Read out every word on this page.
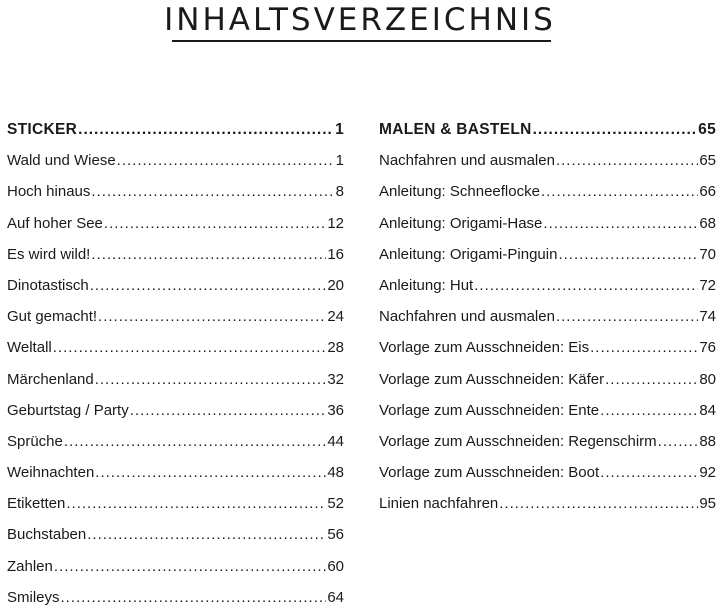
INHALTSVERZEICHNIS
STICKER .....	1
Wald und Wiese .....	1
Hoch hinaus .....	8
Auf hoher See .....	12
Es wird wild! .....	16
Dinotastisch .....	20
Gut gemacht! .....	24
Weltall .....	28
Märchenland .....	32
Geburtstag / Party .....	36
Sprüche .....	44
Weihnachten .....	48
Etiketten .....	52
Buchstaben .....	56
Zahlen .....	60
Smileys .....	64
MALEN & BASTELN .....	65
Nachfahren und ausmalen .....	65
Anleitung: Schneeflocke .....	66
Anleitung: Origami-Hase .....	68
Anleitung: Origami-Pinguin .....	70
Anleitung: Hut .....	72
Nachfahren und ausmalen .....	74
Vorlage zum Ausschneiden: Eis .....	76
Vorlage zum Ausschneiden: Käfer .....	80
Vorlage zum Ausschneiden: Ente .....	84
Vorlage zum Ausschneiden: Regenschirm .....	88
Vorlage zum Ausschneiden: Boot .....	92
Linien nachfahren .....	95
